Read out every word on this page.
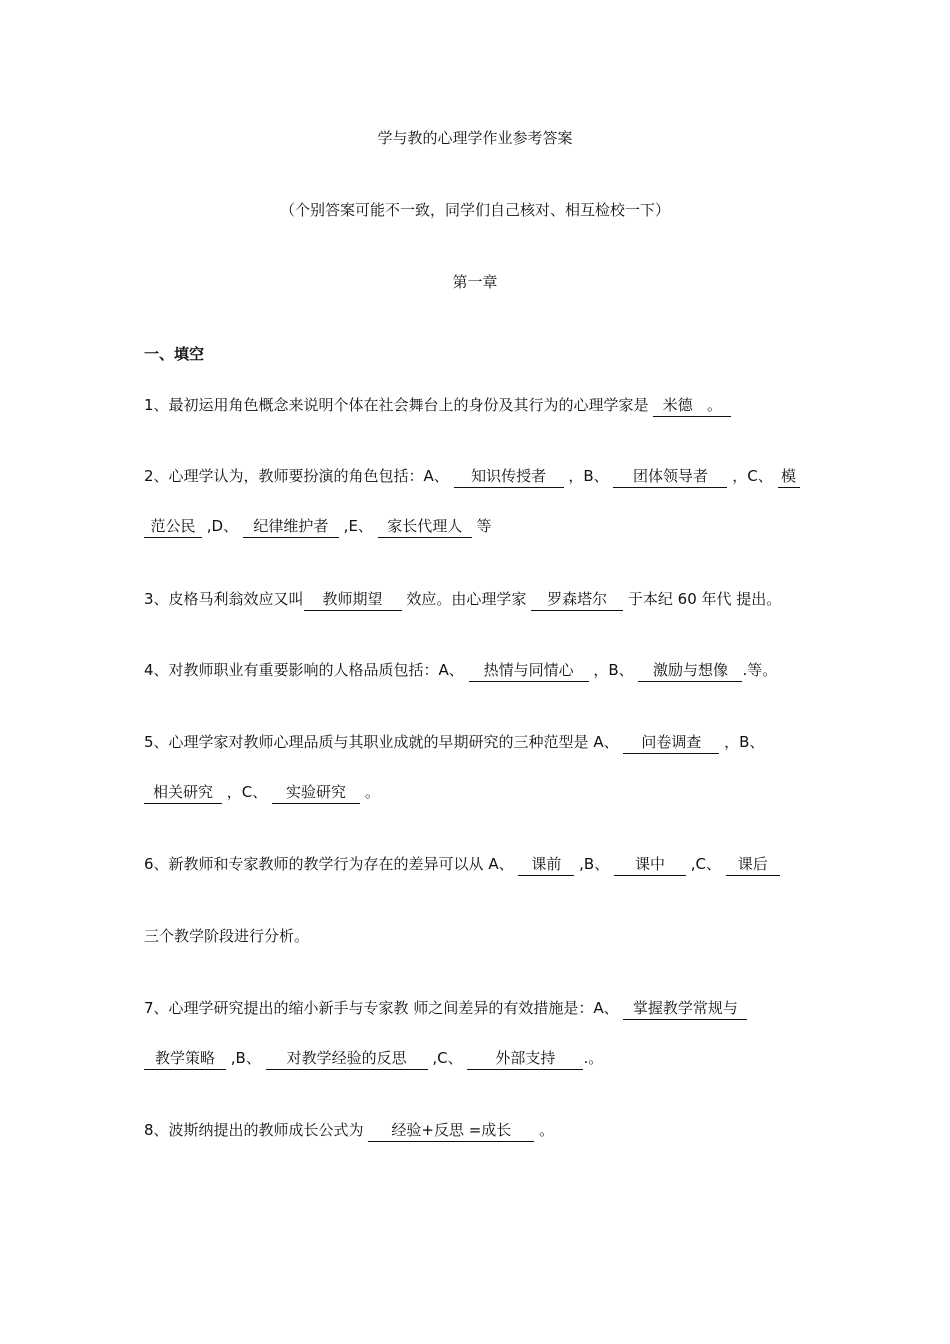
学与教的心理学作业参考答案
（个别答案可能不一致，同学们自己核对、相互检校一下）
第一章
一、填空
1、最初运用角色概念来说明个体在社会舞台上的身份及其行为的心理学家是 米德 。
2、心理学认为，教师要扮演的角色包括：A、 知识传授者 ，B、 团体领导者 ，C、 模
范公民 ,D、 纪律维护者 ,E、 家长代理人 等
3、皮格马利翁效应又叫 教师期望 效应。由心理学家 罗森塔尔 于本纪 60 年代 提出。
4、对教师职业有重要影响的人格品质包括：A、 热情与同情心 ，B、 激励与想像 .等。
5、心理学家对教师心理品质与其职业成就的早期研究的三种范型是 A、 问卷调查 ，B、
相关研究 ，C、 实验研究 。
6、新教师和专家教师的教学行为存在的差异可以从 A、 课前 ,B、 课中 ,C、 课后
三个教学阶段进行分析。
7、心理学研究提出的缩小新手与专家教 师之间差异的有效措施是：A、 掌握教学常规与
教学策略 ,B、 对教学经验的反思 ,C、 外部支持 .。
8、波斯纳提出的教师成长公式为 经验+反思 =成长 。
